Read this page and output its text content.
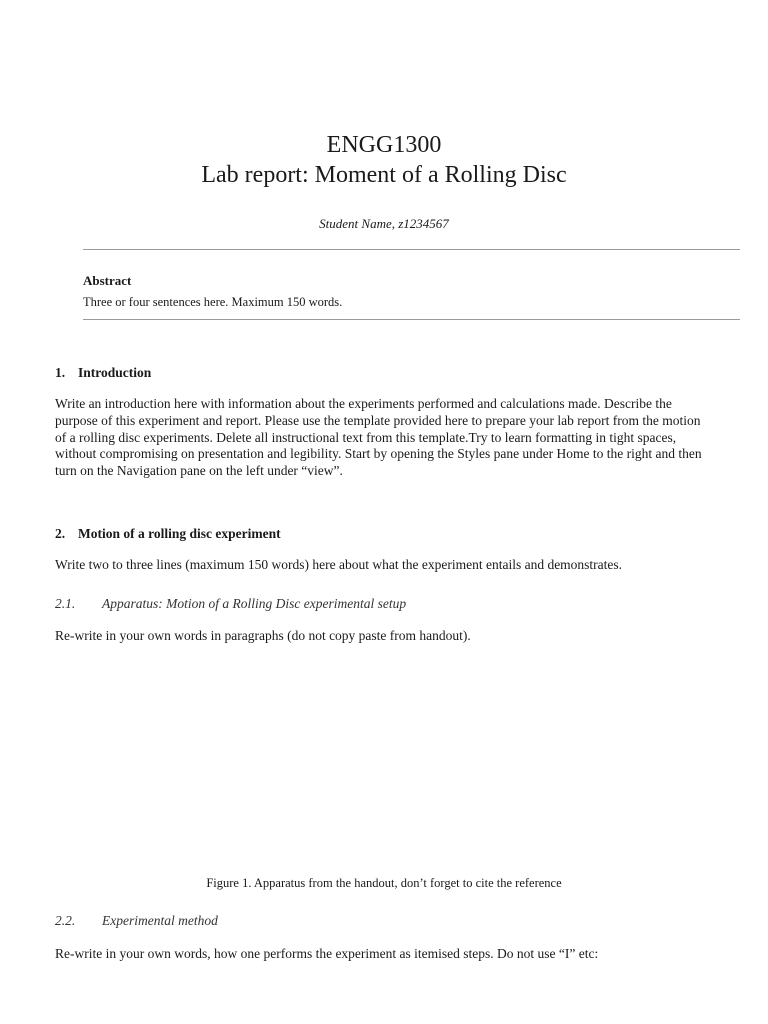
ENGG1300
Lab report: Moment of a Rolling Disc
Student Name, z1234567
Abstract
Three or four sentences here. Maximum 150 words.
1. Introduction
Write an introduction here with information about the experiments performed and calculations made. Describe the purpose of this experiment and report. Please use the template provided here to prepare your lab report from the motion of a rolling disc experiments. Delete all instructional text from this template.Try to learn formatting in tight spaces, without compromising on presentation and legibility. Start by opening the Styles pane under Home to the right and then turn on the Navigation pane on the left under “view”.
2. Motion of a rolling disc experiment
Write two to three lines (maximum 150 words) here about what the experiment entails and demonstrates.
2.1. Apparatus: Motion of a Rolling Disc experimental setup
Re-write in your own words in paragraphs (do not copy paste from handout).
Figure 1. Apparatus from the handout, don’t forget to cite the reference
2.2. Experimental method
Re-write in your own words, how one performs the experiment as itemised steps. Do not use “I” etc:
